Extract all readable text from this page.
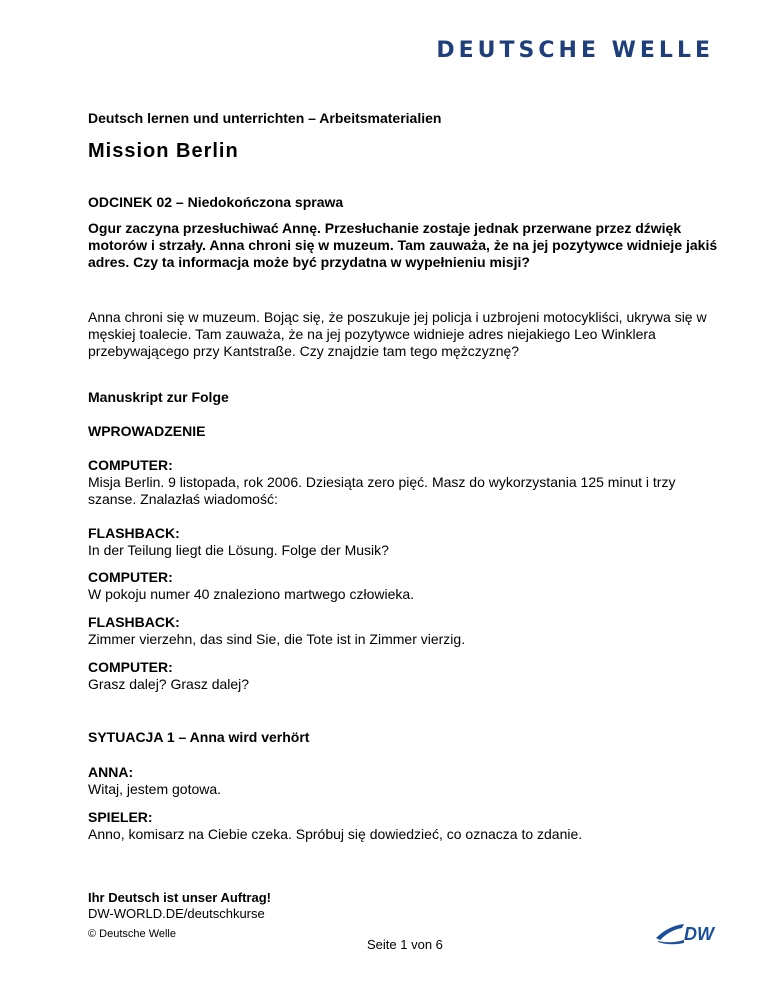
DEUTSCHE WELLE
Deutsch lernen und unterrichten – Arbeitsmaterialien
Mission Berlin
ODCINEK 02 – Niedokończona sprawa

Ogur zaczyna przesłuchiwać Annę. Przesłuchanie zostaje jednak przerwane przez dźwięk motorów i strzały. Anna chroni się w muzeum. Tam zauważa, że na jej pozytywce widnieje jakiś adres. Czy ta informacja może być przydatna w wypełnieniu misji?

Anna chroni się w muzeum. Bojąc się, że poszukuje jej policja i uzbrojeni motocykliści, ukrywa się w męskiej toalecie. Tam zauważa, że na jej pozytywce widnieje adres niejakiego Leo Winklera przebywającego przy Kantstraße. Czy znajdzie tam tego mężczyznę?

Manuskript zur Folge
WPROWADZENIE
COMPUTER:
Misja Berlin. 9 listopada, rok 2006. Dziesiąta zero pięć. Masz do wykorzystania 125 minut i trzy szanse. Znalazłaś wiadomość:
FLASHBACK:
In der Teilung liegt die Lösung. Folge der Musik?
COMPUTER:
W pokoju numer 40 znaleziono martwego człowieka.
FLASHBACK:
Zimmer vierzehn, das sind Sie, die Tote ist in Zimmer vierzig.
COMPUTER:
Grasz dalej? Grasz dalej?
SYTUACJA 1 – Anna wird verhört
ANNA:
Witaj, jestem gotowa.
SPIELER:
Anno, komisarz na Ciebie czeka. Spróbuj się dowiedzieć, co oznacza to zdanie.
Ihr Deutsch ist unser Auftrag!
DW-WORLD.DE/deutschkurse
© Deutsche Welle
Seite 1 von 6
DW
